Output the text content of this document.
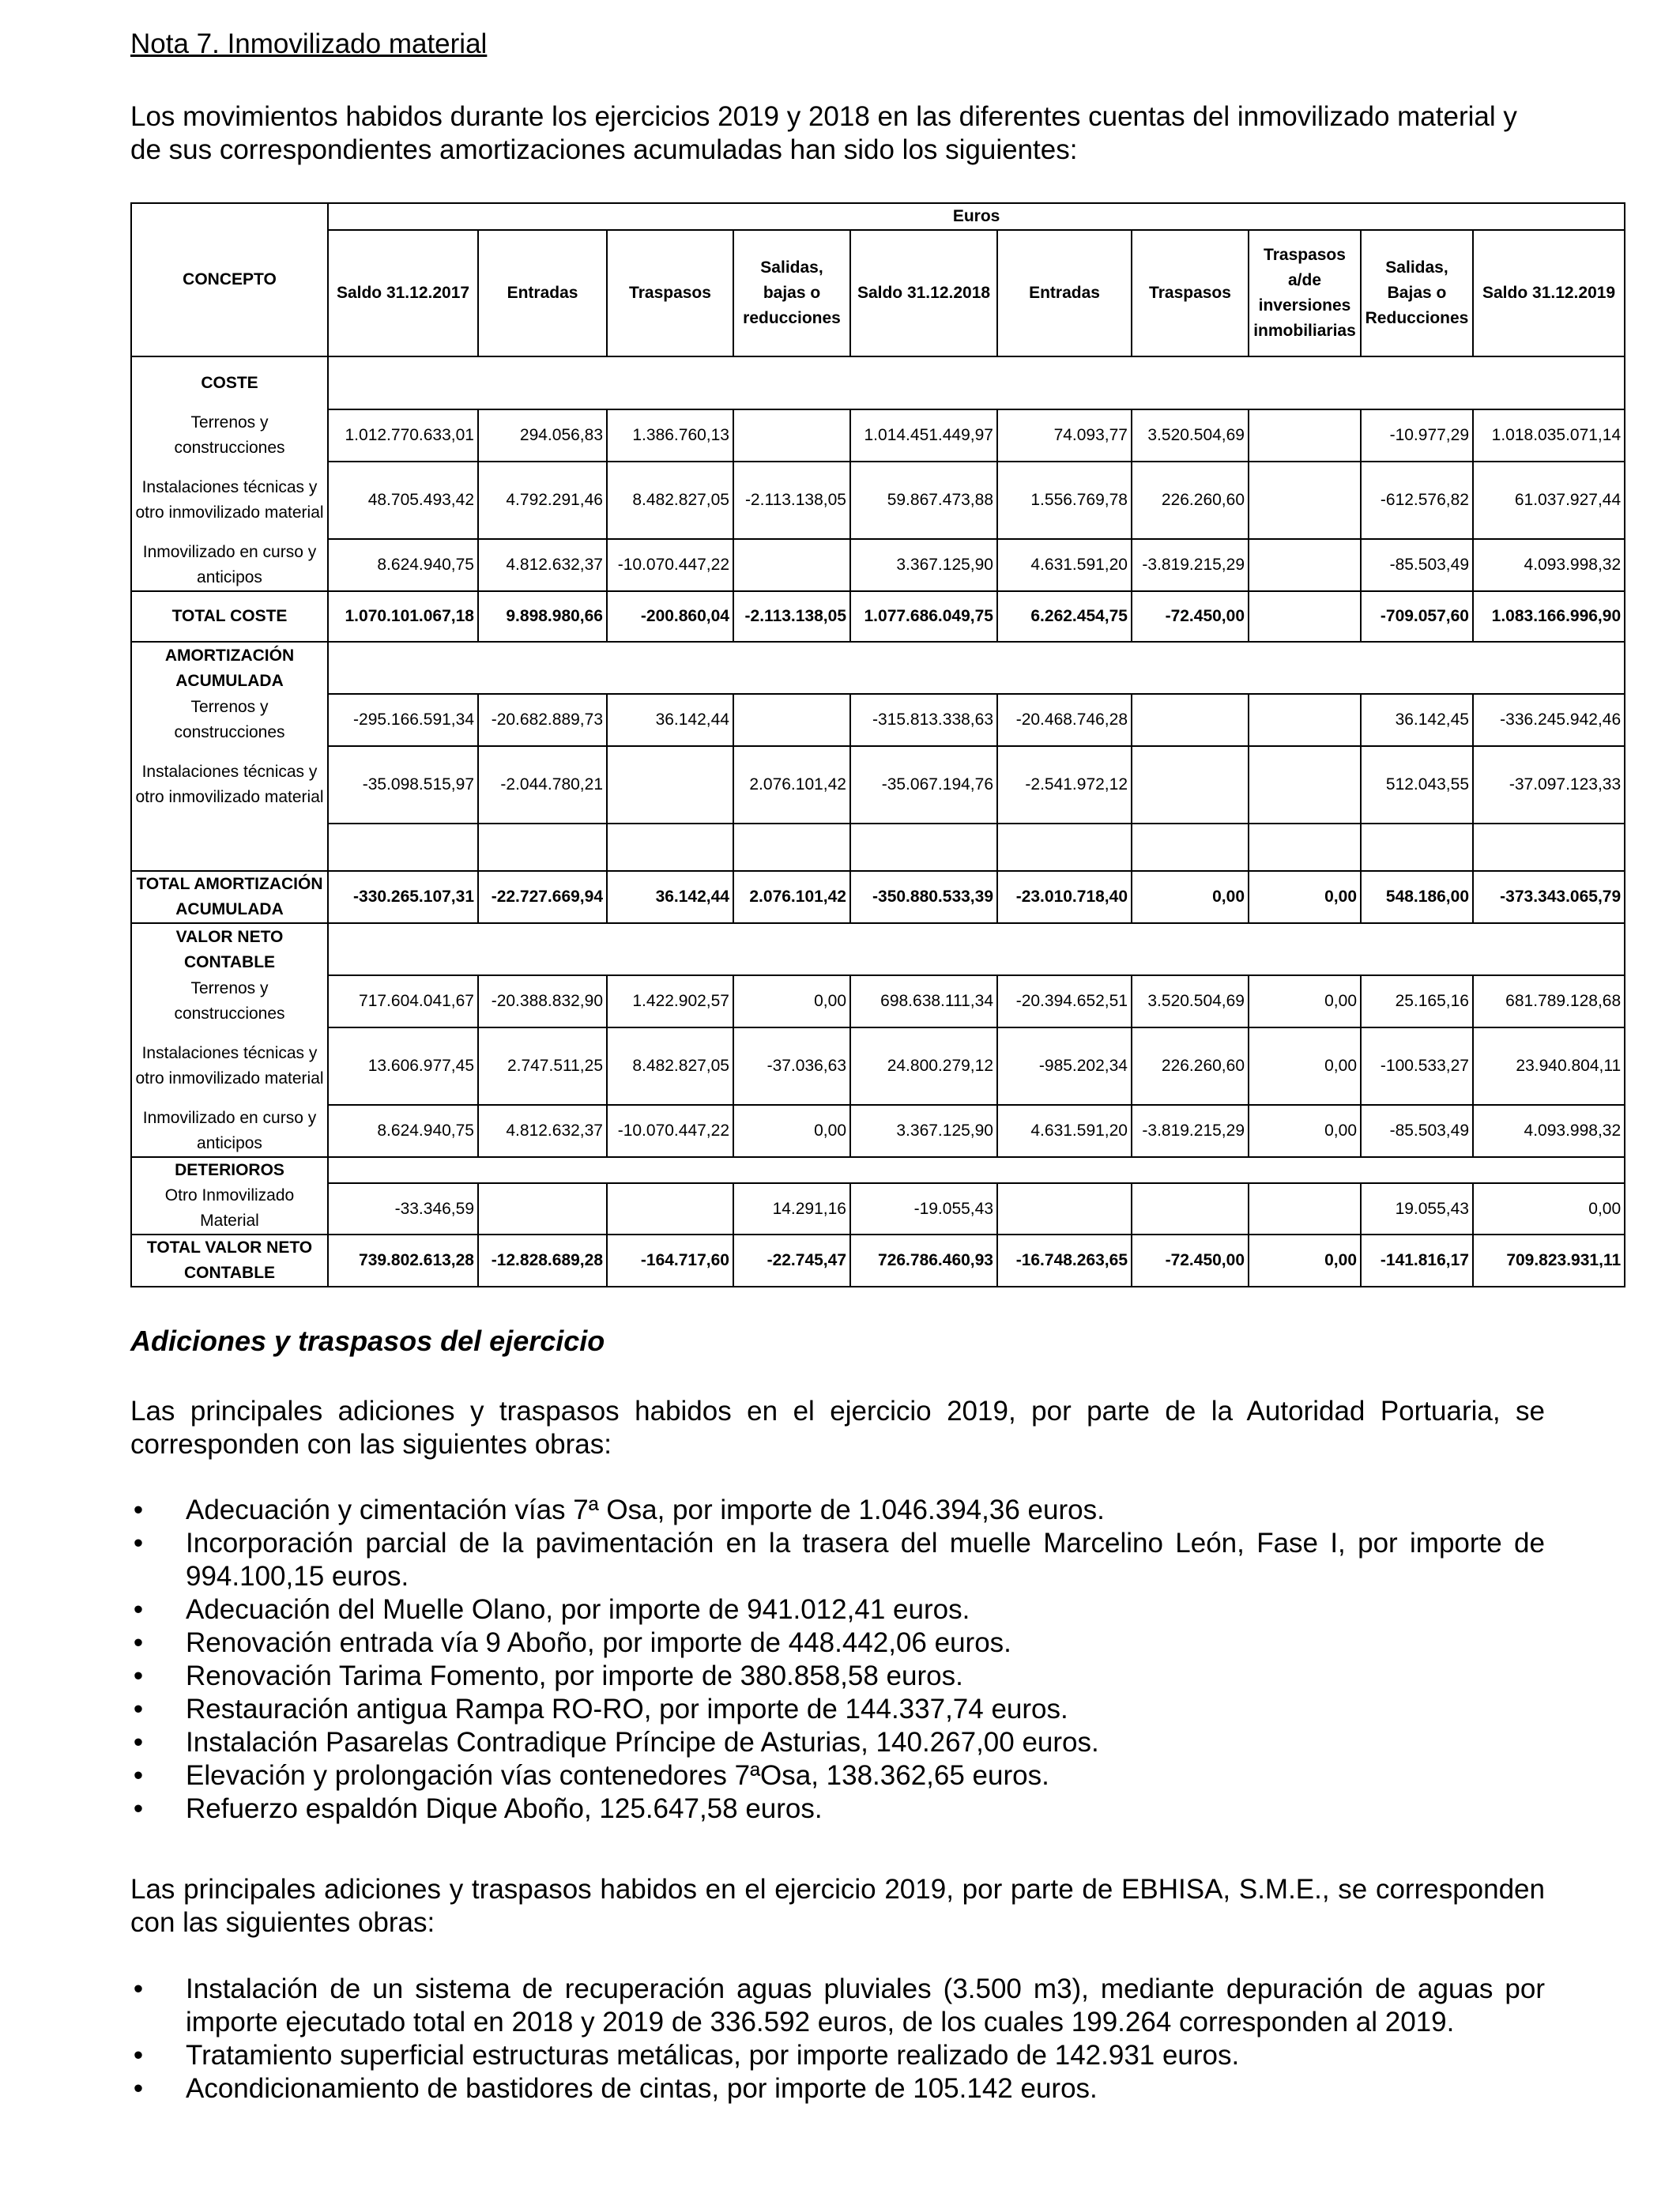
Nota 7. Inmovilizado material
Los movimientos habidos durante los ejercicios 2019 y 2018 en las diferentes cuentas del inmovilizado material y de sus correspondientes amortizaciones acumuladas han sido los siguientes:
CONCEPTO	Euros									
	Saldo 31.12.2017	Entradas	Traspasos	Salidas, bajas o reducciones	Saldo 31.12.2018	Entradas	Traspasos	Traspasos a/de inversiones inmobiliarias	Salidas, Bajas o Reducciones	Saldo 31.12.2019
COSTE										
Terrenos y construcciones	1.012.770.633,01	294.056,83	1.386.760,13		1.014.451.449,97	74.093,77	3.520.504,69		-10.977,29	1.018.035.071,14
Instalaciones técnicas y otro inmovilizado material	48.705.493,42	4.792.291,46	8.482.827,05	-2.113.138,05	59.867.473,88	1.556.769,78	226.260,60		-612.576,82	61.037.927,44
Inmovilizado en curso y anticipos	8.624.940,75	4.812.632,37	-10.070.447,22		3.367.125,90	4.631.591,20	-3.819.215,29		-85.503,49	4.093.998,32
TOTAL COSTE	1.070.101.067,18	9.898.980,66	-200.860,04	-2.113.138,05	1.077.686.049,75	6.262.454,75	-72.450,00		-709.057,60	1.083.166.996,90
AMORTIZACIÓN ACUMULADA										
Terrenos y construcciones	-295.166.591,34	-20.682.889,73	36.142,44		-315.813.338,63	-20.468.746,28			36.142,45	-336.245.942,46
Instalaciones técnicas y otro inmovilizado material	-35.098.515,97	-2.044.780,21		2.076.101,42	-35.067.194,76	-2.541.972,12			512.043,55	-37.097.123,33

TOTAL AMORTIZACIÓN ACUMULADA	-330.265.107,31	-22.727.669,94	36.142,44	2.076.101,42	-350.880.533,39	-23.010.718,40	0,00	0,00	548.186,00	-373.343.065,79
VALOR NETO CONTABLE										
Terrenos y construcciones	717.604.041,67	-20.388.832,90	1.422.902,57	0,00	698.638.111,34	-20.394.652,51	3.520.504,69	0,00	25.165,16	681.789.128,68
Instalaciones técnicas y otro inmovilizado material	13.606.977,45	2.747.511,25	8.482.827,05	-37.036,63	24.800.279,12	-985.202,34	226.260,60	0,00	-100.533,27	23.940.804,11
Inmovilizado en curso y anticipos	8.624.940,75	4.812.632,37	-10.070.447,22	0,00	3.367.125,90	4.631.591,20	-3.819.215,29	0,00	-85.503,49	4.093.998,32
DETERIOROS										
Otro Inmovilizado Material	-33.346,59			14.291,16	-19.055,43				19.055,43	0,00
TOTAL VALOR NETO CONTABLE	739.802.613,28	-12.828.689,28	-164.717,60	-22.745,47	726.786.460,93	-16.748.263,65	-72.450,00	0,00	-141.816,17	709.823.931,11
Adiciones y traspasos del ejercicio
Las principales adiciones y traspasos habidos en el ejercicio 2019, por parte de la Autoridad Portuaria, se corresponden con las siguientes obras:
• Adecuación y cimentación vías 7ª Osa, por importe de 1.046.394,36 euros.
• Incorporación parcial de la pavimentación en la trasera del muelle Marcelino León, Fase I, por importe de 994.100,15 euros.
• Adecuación del Muelle Olano, por importe de 941.012,41 euros.
• Renovación entrada vía 9 Aboño, por importe de 448.442,06 euros.
• Renovación Tarima Fomento, por importe de 380.858,58 euros.
• Restauración antigua Rampa RO-RO, por importe de 144.337,74 euros.
• Instalación Pasarelas Contradique Príncipe de Asturias, 140.267,00 euros.
• Elevación y prolongación vías contenedores 7ªOsa, 138.362,65 euros.
• Refuerzo espaldón Dique Aboño, 125.647,58 euros.
Las principales adiciones y traspasos habidos en el ejercicio 2019, por parte de EBHISA, S.M.E., se corresponden con las siguientes obras:
• Instalación de un sistema de recuperación aguas pluviales (3.500 m3), mediante depuración de aguas por importe ejecutado total en 2018 y 2019 de 336.592 euros, de los cuales 199.264 corresponden al 2019.
• Tratamiento superficial estructuras metálicas, por importe realizado de 142.931 euros.
• Acondicionamiento de bastidores de cintas, por importe de 105.142 euros.
